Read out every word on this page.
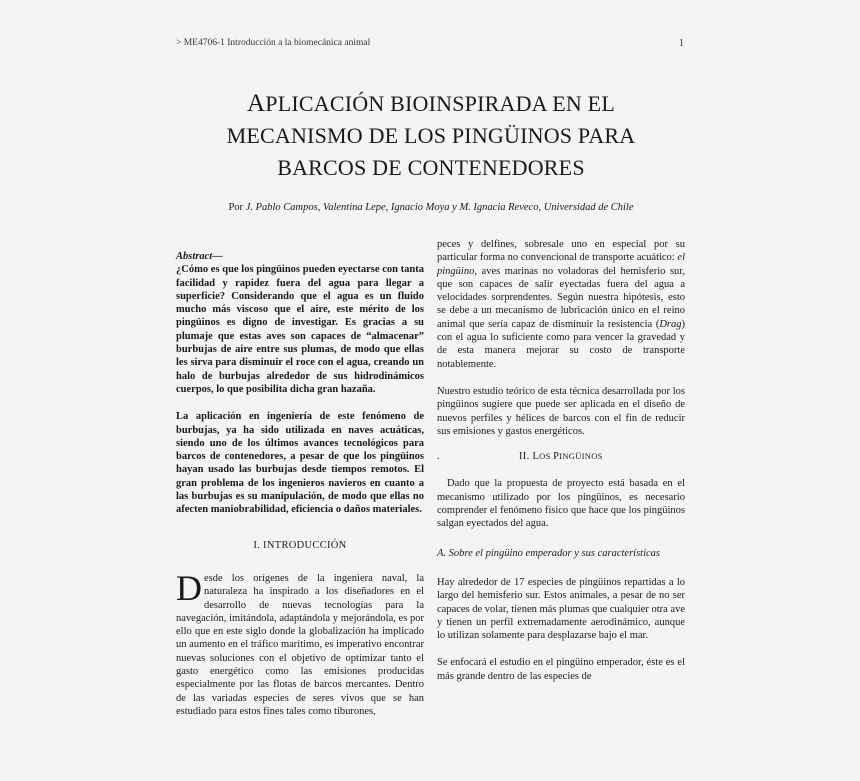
> ME4706-1 Introducción a la biomecánica animal	1
APLICACIÓN BIOINSPIRADA EN EL
MECANISMO DE LOS PINGÜINOS PARA
BARCOS DE CONTENEDORES
Por J. Pablo Campos, Valentina Lepe, Ignacio Moya y M. Ignacia Reveco, Universidad de Chile
Abstract—

¿Cómo es que los pingüinos pueden eyectarse con tanta facilidad y rapidez fuera del agua para llegar a superficie? Considerando que el agua es un fluido mucho más viscoso que el aire, este mérito de los pingüinos es digno de investigar. Es gracias a su plumaje que estas aves son capaces de “almacenar” burbujas de aire entre sus plumas, de modo que ellas les sirva para disminuir el roce con el agua, creando un halo de burbujas alrededor de sus hidrodinámicos cuerpos, lo que posibilita dicha gran hazaña.

La aplicación en ingeniería de este fenómeno de burbujas, ya ha sido utilizada en naves acuáticas, siendo uno de los últimos avances tecnológicos para barcos de contenedores, a pesar de que los pingüinos hayan usado las burbujas desde tiempos remotos. El gran problema de los ingenieros navieros en cuanto a las burbujas es su manipulación, de modo que ellas no afecten maniobrabilidad, eficiencia o daños materiales.

I. INTRODUCCIÓN

Desde los orígenes de la ingeniera naval, la naturaleza ha inspirado a los diseñadores en el desarrollo de nuevas tecnologías para la navegación, imitándola, adaptándola y mejorándola, es por ello que en este siglo donde la globalización ha implicado un aumento en el tráfico marítimo, es imperativo encontrar nuevas soluciones con el objetivo de optimizar tanto el gasto energético como las emisiones producidas especialmente por las flotas de barcos mercantes. Dentro de las variadas especies de seres vivos que se han estudiado para estos fines tales como tiburones,

peces y delfines, sobresale uno en especial por su particular forma no convencional de transporte acuático: el pingüino, aves marinas no voladoras del hemisferio sur, que son capaces de salir eyectadas fuera del agua a velocidades sorprendentes. Según nuestra hipótesis, esto se debe a un mecanismo de lubricación único en el reino animal que sería capaz de disminuir la resistencia (Drag) con el agua lo suficiente como para vencer la gravedad y de esta manera mejorar su costo de transporte notablemente.

Nuestro estudio teórico de esta técnica desarrollada por los pingüinos sugiere que puede ser aplicada en el diseño de nuevos perfiles y hélices de barcos con el fin de reducir sus emisiones y gastos energéticos.

.	II. LOS PINGÜINOS

Dado que la propuesta de proyecto está basada en el mecanismo utilizado por los pingüinos, es necesario comprender el fenómeno físico que hace que los pingüinos salgan eyectados del agua.

A. Sobre el pingüino emperador y sus características

Hay alrededor de 17 especies de pingüinos repartidas a lo largo del hemisferio sur. Estos animales, a pesar de no ser capaces de volar, tienen más plumas que cualquier otra ave y tienen un perfil extremadamente aerodinámico, aunque lo utilizan solamente para desplazarse bajo el mar.

Se enfocará el estudio en el pingüino emperador, éste es el más grande dentro de las especies de
